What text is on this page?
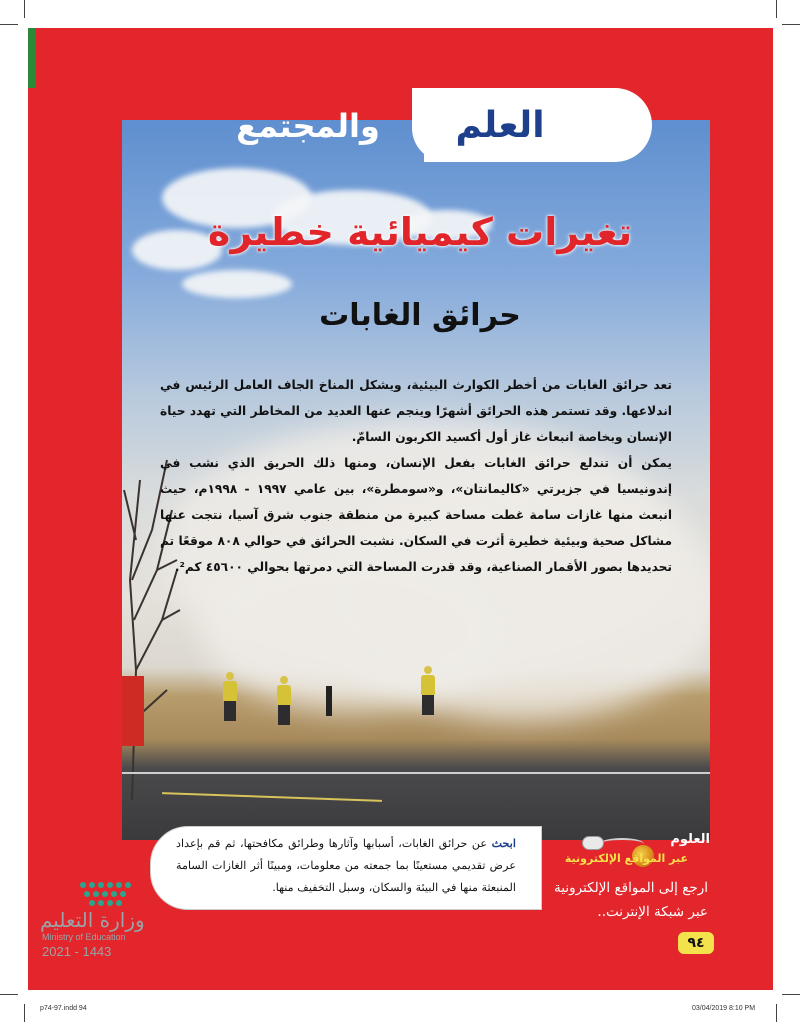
العلم
والمجتمع
تغيرات كيميائية خطيرة
حرائق الغابات

تعد حرائق الغابات من أخطر الكوارث البيئية، ويشكل المناخ الجاف العامل الرئيس في اندلاعها. وقد تستمر هذه الحرائق أشهرًا وينجم عنها العديد من المخاطر التي تهدد حياة الإنسان وبخاصة انبعاث غاز أول أكسيد الكربون السامّ.

يمكن أن تندلع حرائق الغابات بفعل الإنسان، ومنها ذلك الحريق الذي نشب في إندونيسيا في جزيرتي «كاليمانتان»، و«سومطرة»، بين عامي ١٩٩٧ - ١٩٩٨م، حيث انبعث منها غازات سامة غطت مساحة كبيرة من منطقة جنوب شرق آسيا، نتجت عنها مشاكل صحية وبيئية خطيرة أثرت في السكان. نشبت الحرائق في حوالي ٨٠٨ موقعًا تم تحديدها بصور الأقمار الصناعية، وقد قدرت المساحة التي دمرتها بحوالي ٤٥٦٠٠ كم².

ابحث عن حرائق الغابات، أسبابها وآثارها وطرائق مكافحتها، ثم قم بإعداد عرض تقديمي مستعينًا بما جمعته من معلومات، ومبينًا أثر الغازات السامة المنبعثة منها في البيئة والسكان، وسبل التخفيف منها.
العلوم
عبر المواقع الإلكترونية
ارجع إلى المواقع الإلكترونية عبر شبكة الإنترنت..
٩٤
وزارة التعليم
Ministry of Education
2021 - 1443
p74-97.indd 94	03/04/2019 8:10 PM
